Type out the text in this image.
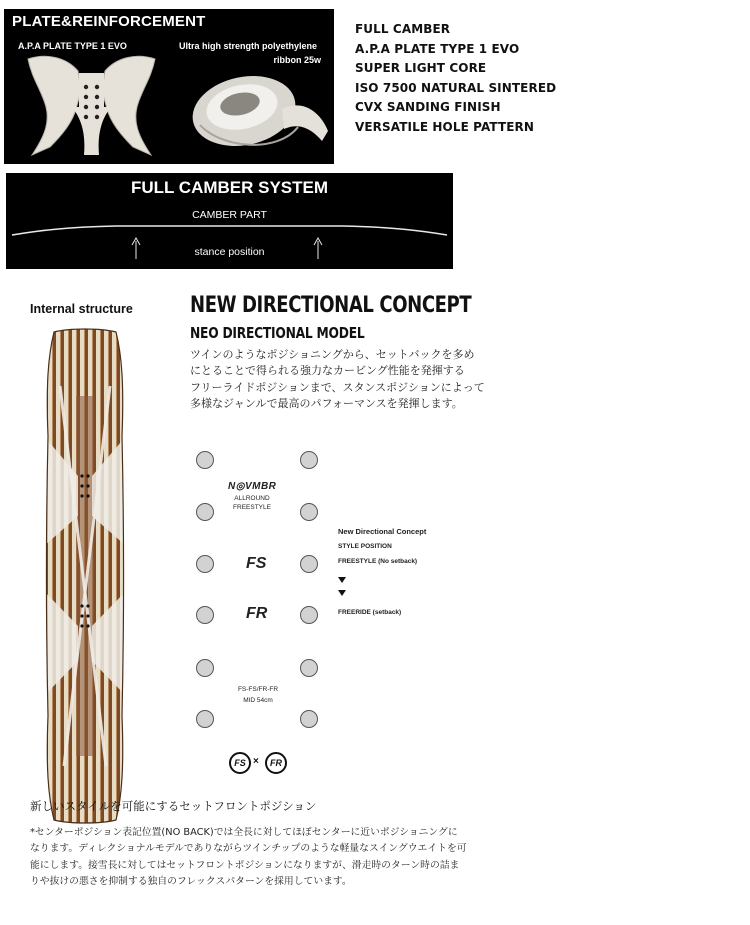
PLATE&REINFORCEMENT
A.P.A PLATE TYPE 1 EVO	Ultra high strength polyethylene
ribbon 25w
FULL CAMBER
A.P.A PLATE TYPE 1 EVO
SUPER LIGHT CORE
ISO 7500 NATURAL SINTERED
CVX SANDING FINISH
VERSATILE HOLE PATTERN
FULL CAMBER SYSTEM
CAMBER PART
stance position
Internal structure	NEW DIRECTIONAL CONCEPT
NEO DIRECTIONAL MODEL
ツインのようなポジショニングから、セットバックを多め
にとることで得られる強力なカービング性能を発揮する
フリーライドポジションまで、スタンスポジションによって
多様なジャンルで最高のパフォーマンスを発揮します。
N◎VMBR
ALLROUND
FREESTYLE
FS
FR
FS-FS/FR-FR
MID 54cm
FS ×	FR
New Directional Concept
STYLE POSITION
FREESTYLE (No setback)
FREERIDE (setback)
新しいスタイルを可能にするセットフロントポジション
*センターポジション表記位置(NO BACK)では全長に対してほぼセンターに近いポジショニングに
なります。ディレクショナルモデルでありながらツインチップのような軽量なスイングウエイトを可
能にします。接雪長に対してはセットフロントポジションになりますが、滑走時のターン時の詰ま
りや抜けの悪さを抑制する独自のフレックスパターンを採用しています。
